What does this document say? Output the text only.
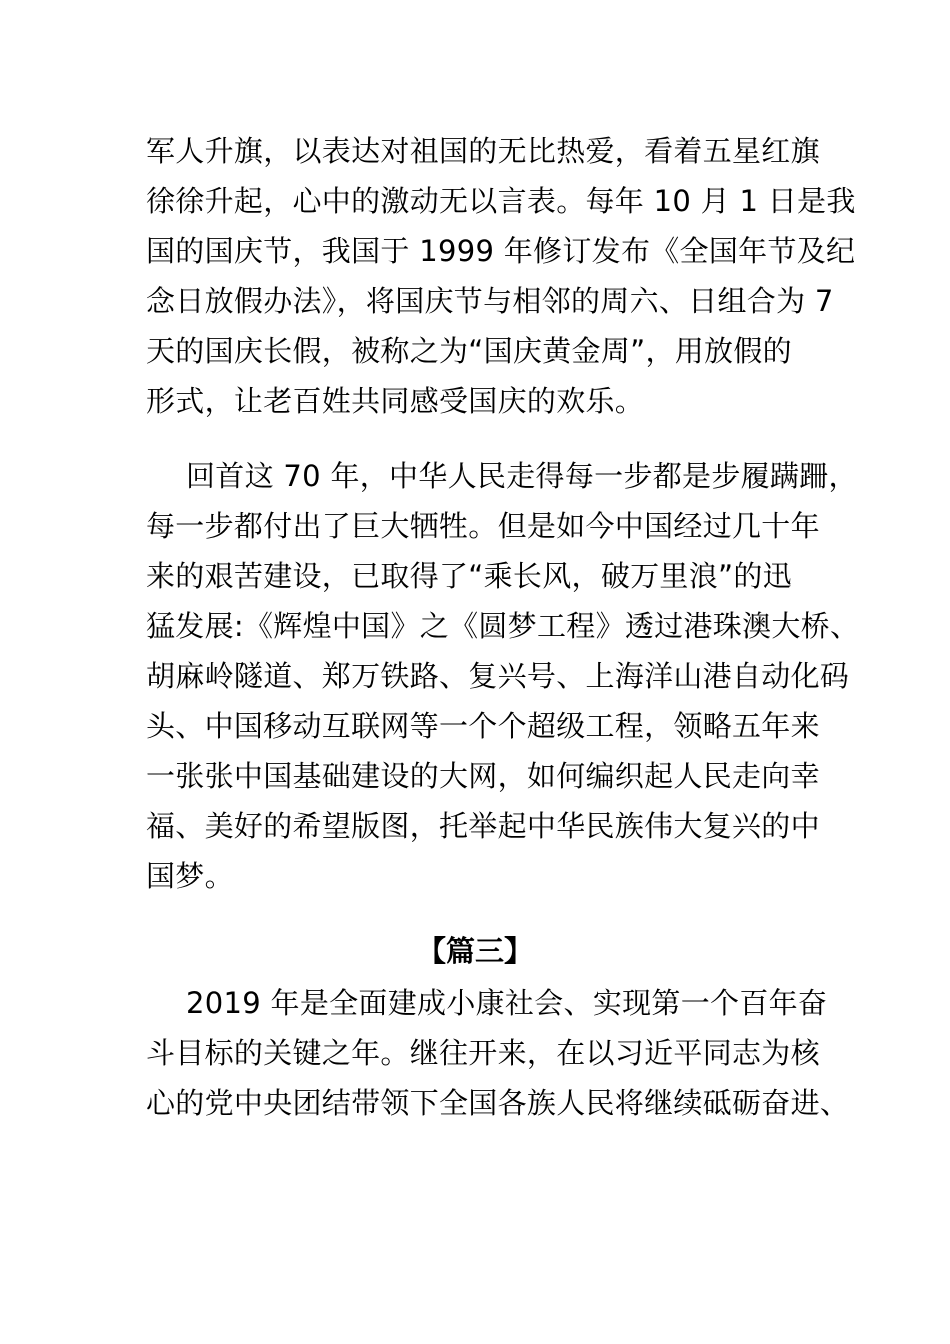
军人升旗，以表达对祖国的无比热爱，看着五星红旗
徐徐升起，心中的激动无以言表。每年 10 月 1 日是我
国的国庆节，我国于 1999 年修订发布《全国年节及纪
念日放假办法》，将国庆节与相邻的周六、日组合为 7
天的国庆长假，被称之为“国庆黄金周”，用放假的
形式，让老百姓共同感受国庆的欢乐。
回首这 70 年，中华人民走得每一步都是步履蹒跚，
每一步都付出了巨大牺牲。但是如今中国经过几十年
来的艰苦建设，已取得了“乘长风，破万里浪”的迅
猛发展:《辉煌中国》之《圆梦工程》透过港珠澳大桥、
胡麻岭隧道、郑万铁路、复兴号、上海洋山港自动化码
头、中国移动互联网等一个个超级工程，领略五年来
一张张中国基础建设的大网，如何编织起人民走向幸
福、美好的希望版图，托举起中华民族伟大复兴的中
国梦。
【篇三】
2019 年是全面建成小康社会、实现第一个百年奋
斗目标的关键之年。继往开来，在以习近平同志为核
心的党中央团结带领下全国各族人民将继续砥砺奋进、
